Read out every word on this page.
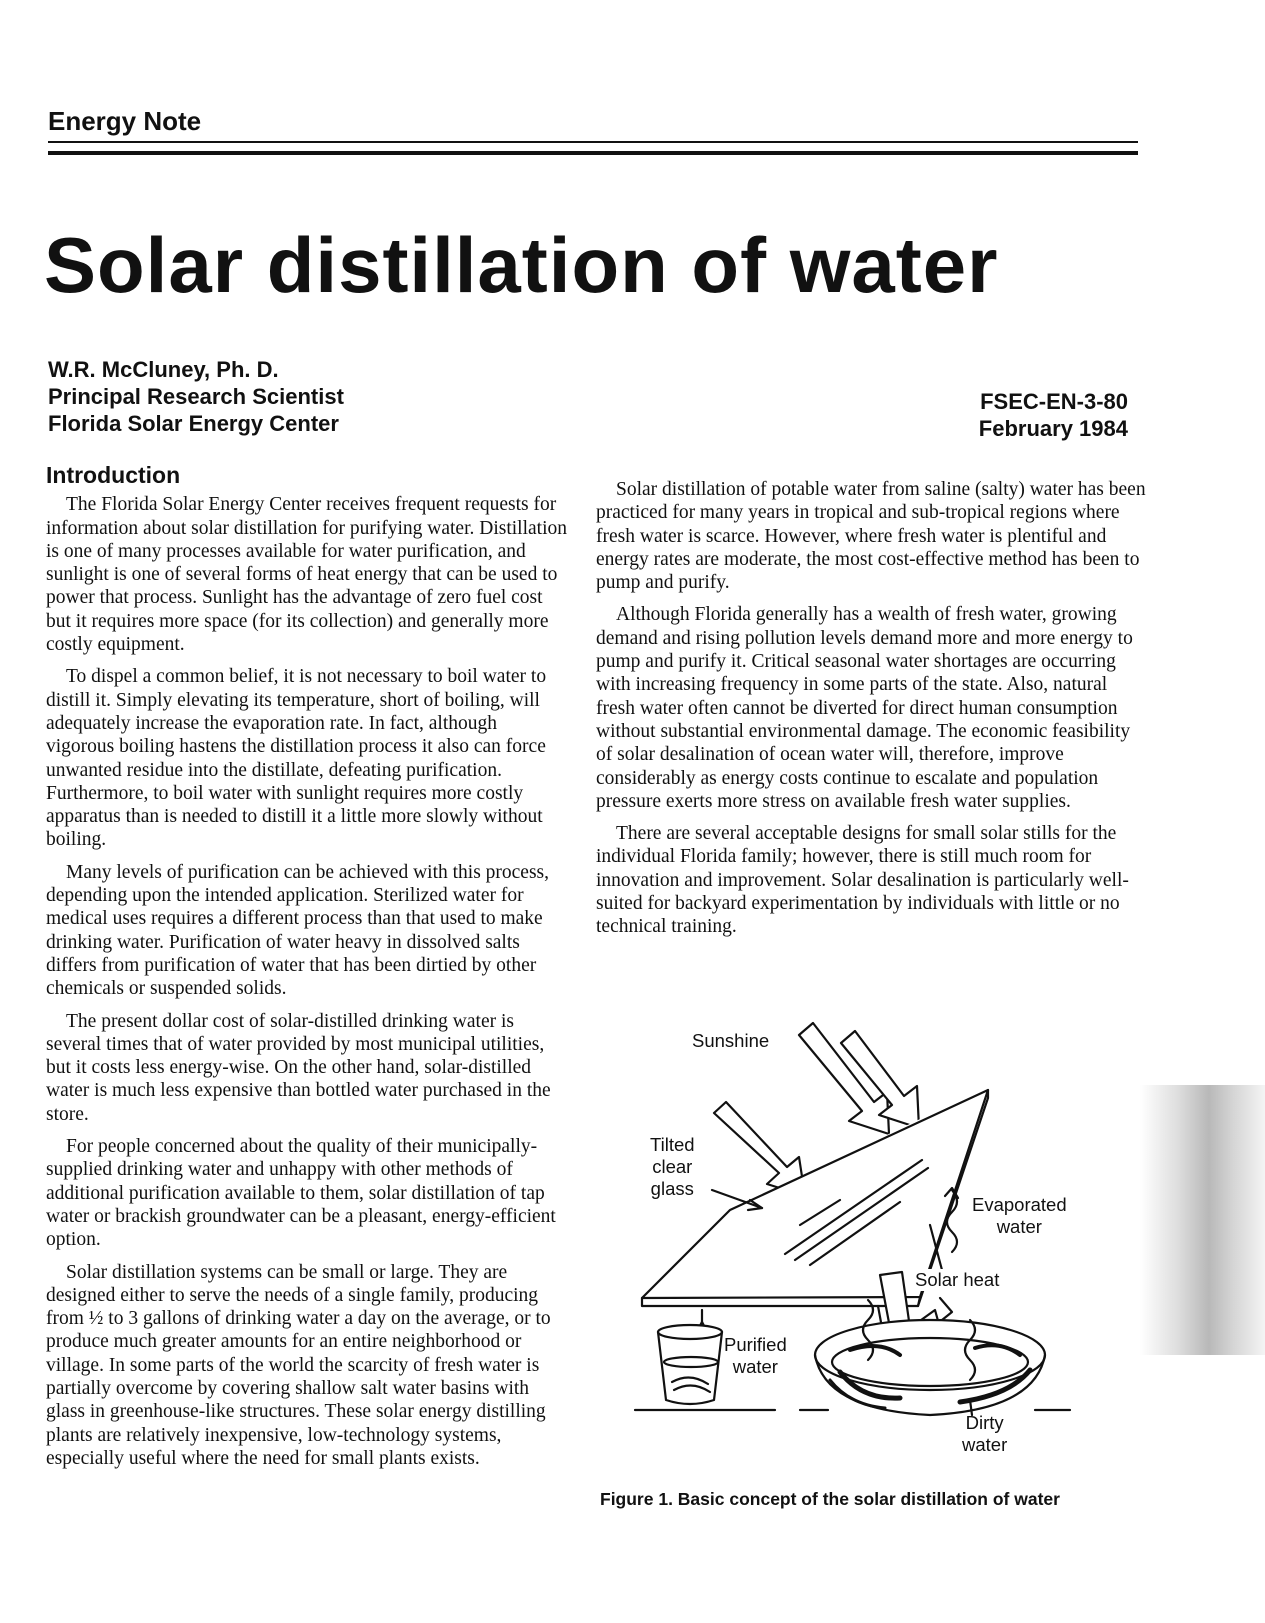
Energy Note
Solar distillation of water
W.R. McCluney, Ph. D.
Principal Research Scientist
Florida Solar Energy Center
FSEC-EN-3-80
February 1984
Introduction

The Florida Solar Energy Center receives frequent requests for information about solar distillation for purifying water. Distillation is one of many processes available for water purification, and sunlight is one of several forms of heat energy that can be used to power that process. Sunlight has the advantage of zero fuel cost but it requires more space (for its collection) and generally more costly equipment.

To dispel a common belief, it is not necessary to boil water to distill it. Simply elevating its temperature, short of boiling, will adequately increase the evaporation rate. In fact, although vigorous boiling hastens the distillation process it also can force unwanted residue into the distillate, defeating purification. Furthermore, to boil water with sunlight requires more costly apparatus than is needed to distill it a little more slowly without boiling.

Many levels of purification can be achieved with this process, depending upon the intended application. Sterilized water for medical uses requires a different process than that used to make drinking water. Purification of water heavy in dissolved salts differs from purification of water that has been dirtied by other chemicals or suspended solids.

The present dollar cost of solar-distilled drinking water is several times that of water provided by most municipal utilities, but it costs less energy-wise. On the other hand, solar-distilled water is much less expensive than bottled water purchased in the store.

For people concerned about the quality of their municipally-supplied drinking water and unhappy with other methods of additional purification available to them, solar distillation of tap water or brackish groundwater can be a pleasant, energy-efficient option.

Solar distillation systems can be small or large. They are designed either to serve the needs of a single family, producing from ½ to 3 gallons of drinking water a day on the average, or to produce much greater amounts for an entire neighborhood or village. In some parts of the world the scarcity of fresh water is partially overcome by covering shallow salt water basins with glass in greenhouse-like structures. These solar energy distilling plants are relatively inexpensive, low-technology systems, especially useful where the need for small plants exists.

Solar distillation of potable water from saline (salty) water has been practiced for many years in tropical and sub-tropical regions where fresh water is scarce. However, where fresh water is plentiful and energy rates are moderate, the most cost-effective method has been to pump and purify.

Although Florida generally has a wealth of fresh water, growing demand and rising pollution levels demand more and more energy to pump and purify it. Critical seasonal water shortages are occurring with increasing frequency in some parts of the state. Also, natural fresh water often cannot be diverted for direct human consumption without substantial environmental damage. The economic feasibility of solar desalination of ocean water will, therefore, improve considerably as energy costs continue to escalate and population pressure exerts more stress on available fresh water supplies.

There are several acceptable designs for small solar stills for the individual Florida family; however, there is still much room for innovation and improvement. Solar desalination is particularly well-suited for backyard experimentation by individuals with little or no technical training.

Sunshine
Tilted
clear
glass
Evaporated
water
Solar heat
Purified
water
Dirty
water
Figure 1. Basic concept of the solar distillation of water
